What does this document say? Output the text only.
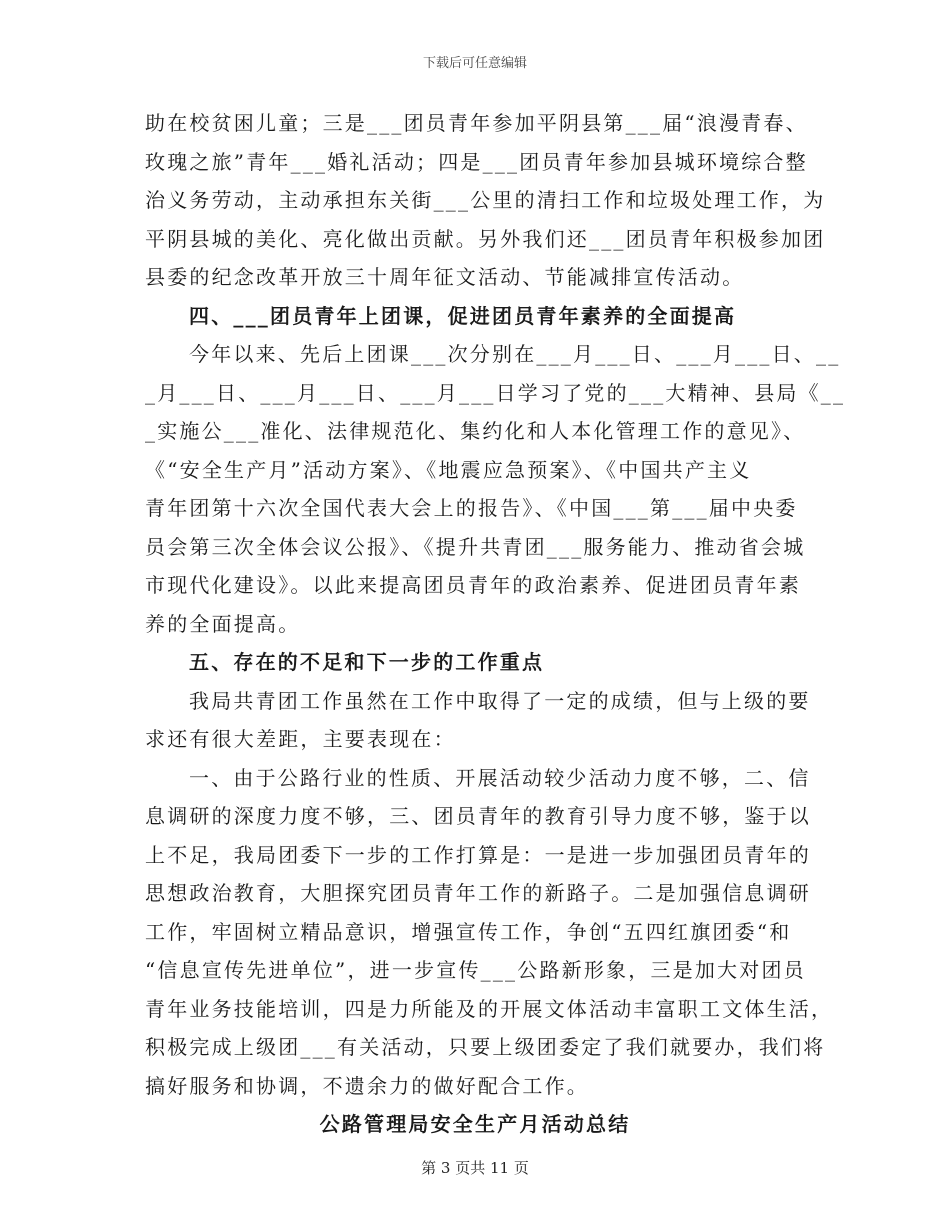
下载后可任意编辑
助在校贫困儿童；三是___团员青年参加平阴县第___届“浪漫青春、
玫瑰之旅”青年___婚礼活动；四是___团员青年参加县城环境综合整
治义务劳动，主动承担东关街___公里的清扫工作和垃圾处理工作，为
平阴县城的美化、亮化做出贡献。另外我们还___团员青年积极参加团
县委的纪念改革开放三十周年征文活动、节能减排宣传活动。
四、___团员青年上团课，促进团员青年素养的全面提高
今年以来、先后上团课___次分别在___月___日、___月___日、__
_月___日、___月___日、___月___日学习了党的___大精神、县局《__
_实施公___准化、法律规范化、集约化和人本化管理工作的意见》、
《“安全生产月”活动方案》、《地震应急预案》、《中国共产主义
青年团第十六次全国代表大会上的报告》、《中国___第___届中央委
员会第三次全体会议公报》、《提升共青团___服务能力、推动省会城
市现代化建设》。以此来提高团员青年的政治素养、促进团员青年素
养的全面提高。
五、存在的不足和下一步的工作重点
我局共青团工作虽然在工作中取得了一定的成绩，但与上级的要
求还有很大差距，主要表现在：
一、由于公路行业的性质、开展活动较少活动力度不够，二、信
息调研的深度力度不够，三、团员青年的教育引导力度不够，鉴于以
上不足，我局团委下一步的工作打算是：一是进一步加强团员青年的
思想政治教育，大胆探究团员青年工作的新路子。二是加强信息调研
工作，牢固树立精品意识，增强宣传工作，争创“五四红旗团委“和
“信息宣传先进单位”，进一步宣传___公路新形象，三是加大对团员
青年业务技能培训，四是力所能及的开展文体活动丰富职工文体生活，
积极完成上级团___有关活动，只要上级团委定了我们就要办，我们将
搞好服务和协调，不遗余力的做好配合工作。
公路管理局安全生产月活动总结
第 3 页共 11 页
